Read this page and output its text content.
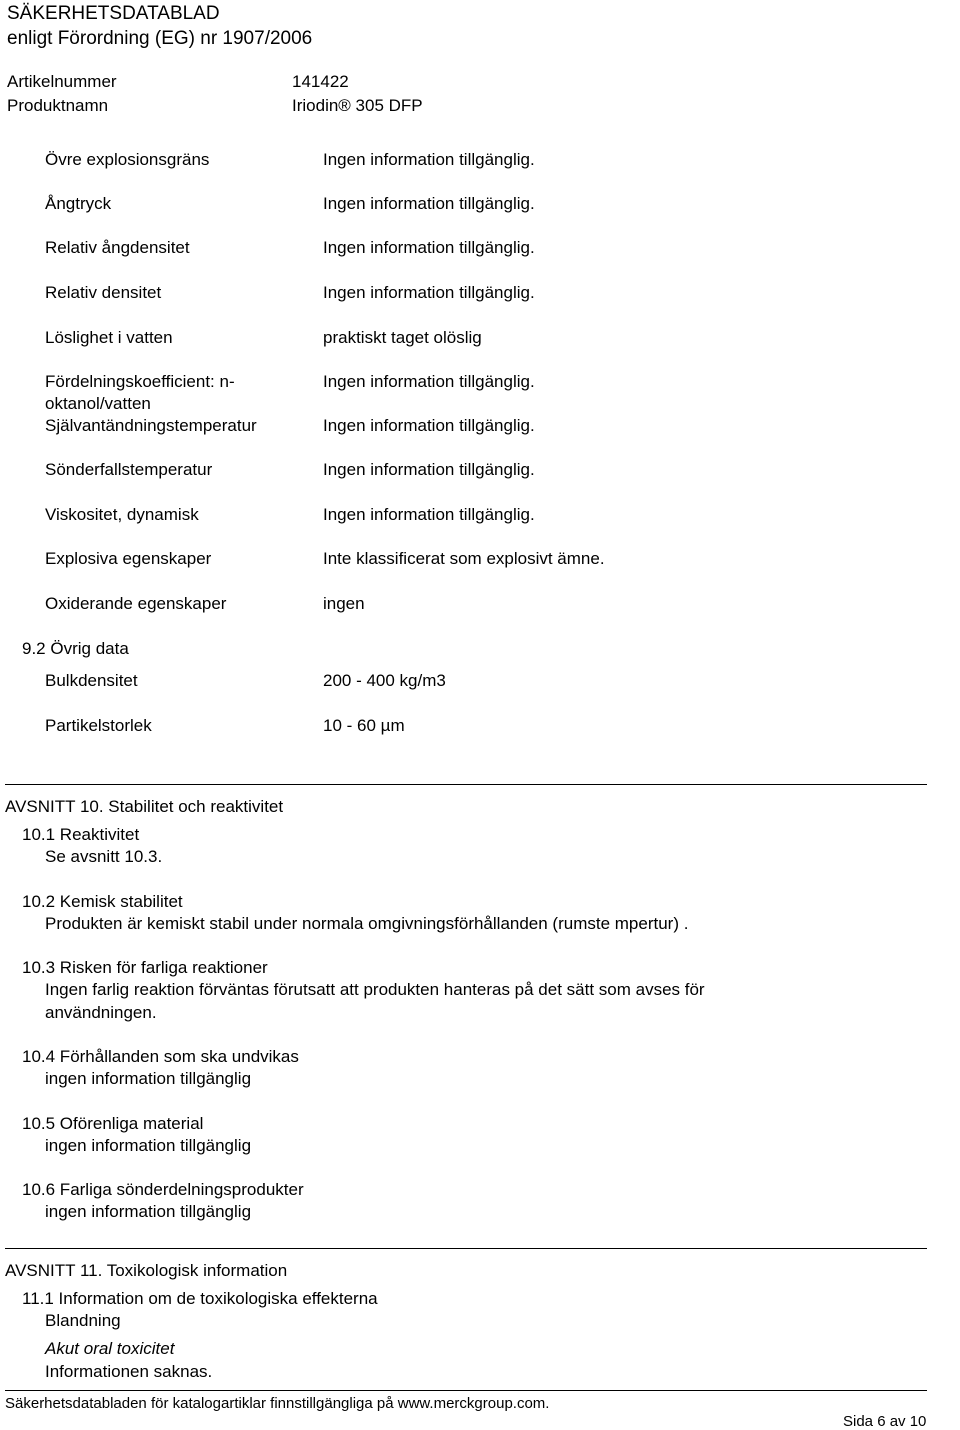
SÄKERHETSDATABLAD
enligt Förordning (EG) nr 1907/2006
Artikelnummer	141422
Produktnamn	Iriodin® 305 DFP
Övre explosionsgräns	Ingen information tillgänglig.
Ångtryck	Ingen information tillgänglig.
Relativ ångdensitet	Ingen information tillgänglig.
Relativ densitet	Ingen information tillgänglig.
Löslighet i vatten	praktiskt taget olöslig
Fördelningskoefficient: n-	Ingen information tillgänglig.
oktanol/vatten
Självantändningstemperatur	Ingen information tillgänglig.
Sönderfallstemperatur	Ingen information tillgänglig.
Viskositet, dynamisk	Ingen information tillgänglig.
Explosiva egenskaper	Inte klassificerat som explosivt ämne.
Oxiderande egenskaper	ingen
9.2 Övrig data
Bulkdensitet	200 - 400 kg/m3
Partikelstorlek	10 - 60 µm
AVSNITT 10. Stabilitet och reaktivitet
10.1 Reaktivitet
Se avsnitt 10.3.
10.2 Kemisk stabilitet
Produkten är kemiskt stabil under normala omgivningsförhållanden (rumste mpertur) .
10.3 Risken för farliga reaktioner
Ingen farlig reaktion förväntas förutsatt att produkten hanteras på det sätt som avses för
användningen.
10.4 Förhållanden som ska undvikas
ingen information tillgänglig
10.5 Oförenliga material
ingen information tillgänglig
10.6 Farliga sönderdelningsprodukter
ingen information tillgänglig
AVSNITT 11. Toxikologisk information
11.1 Information om de toxikologiska effekterna
Blandning
Akut oral toxicitet
Informationen saknas.
Säkerhetsdatabladen för katalogartiklar finnstillgängliga på www.merckgroup.com.
Sida 6 av 10
